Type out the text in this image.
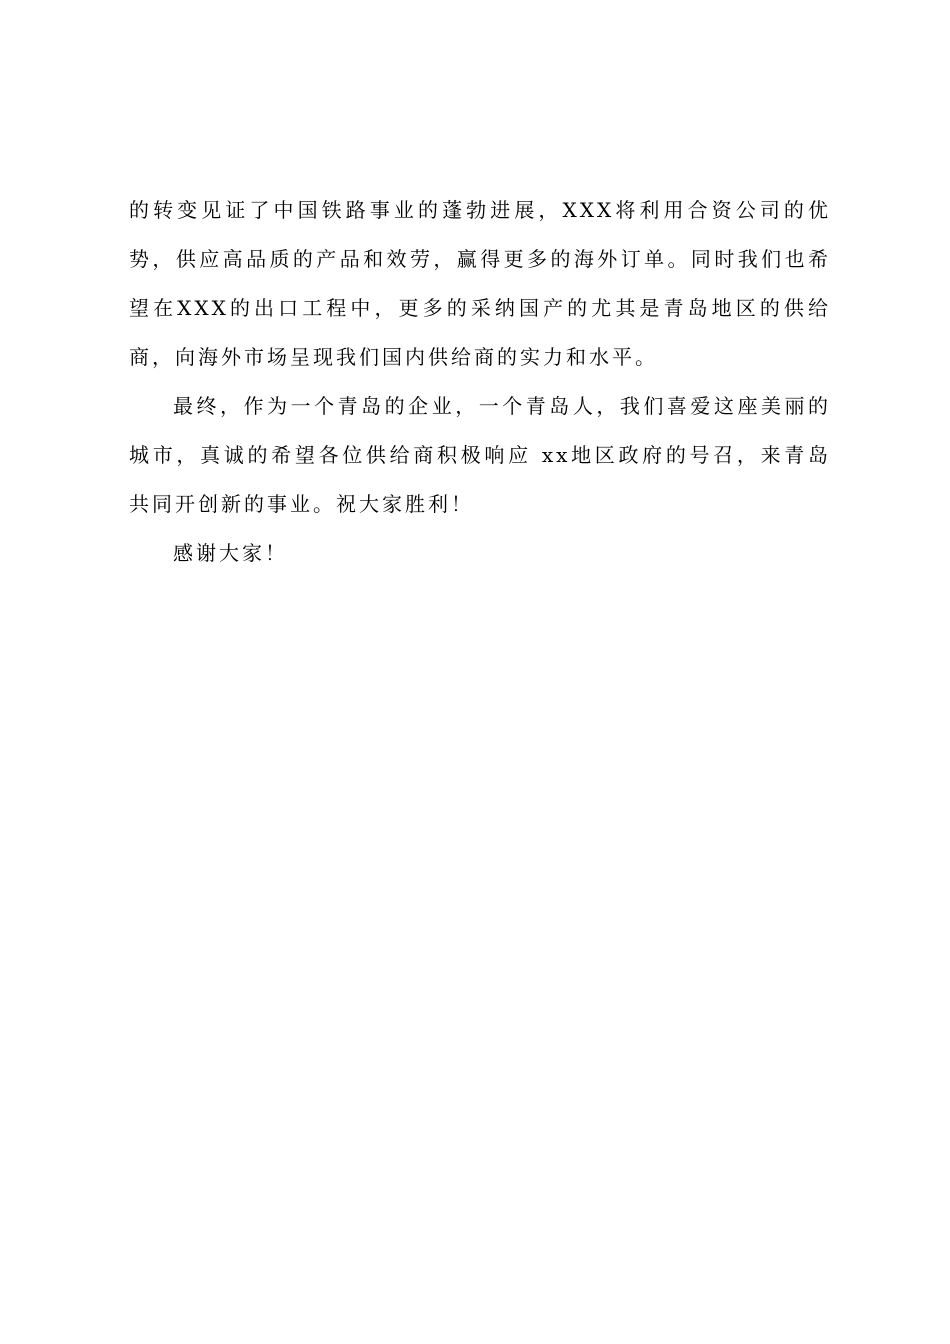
的转变见证了中国铁路事业的蓬勃进展，XXX将利用合资公司的优势，供应高品质的产品和效劳，赢得更多的海外订单。同时我们也希望在XXX的出口工程中，更多的采纳国产的尤其是青岛地区的供给商，向海外市场呈现我们国内供给商的实力和水平。

最终，作为一个青岛的企业，一个青岛人，我们喜爱这座美丽的城市，真诚的希望各位供给商积极响应 xx地区政府的号召，来青岛共同开创新的事业。祝大家胜利！

感谢大家！
